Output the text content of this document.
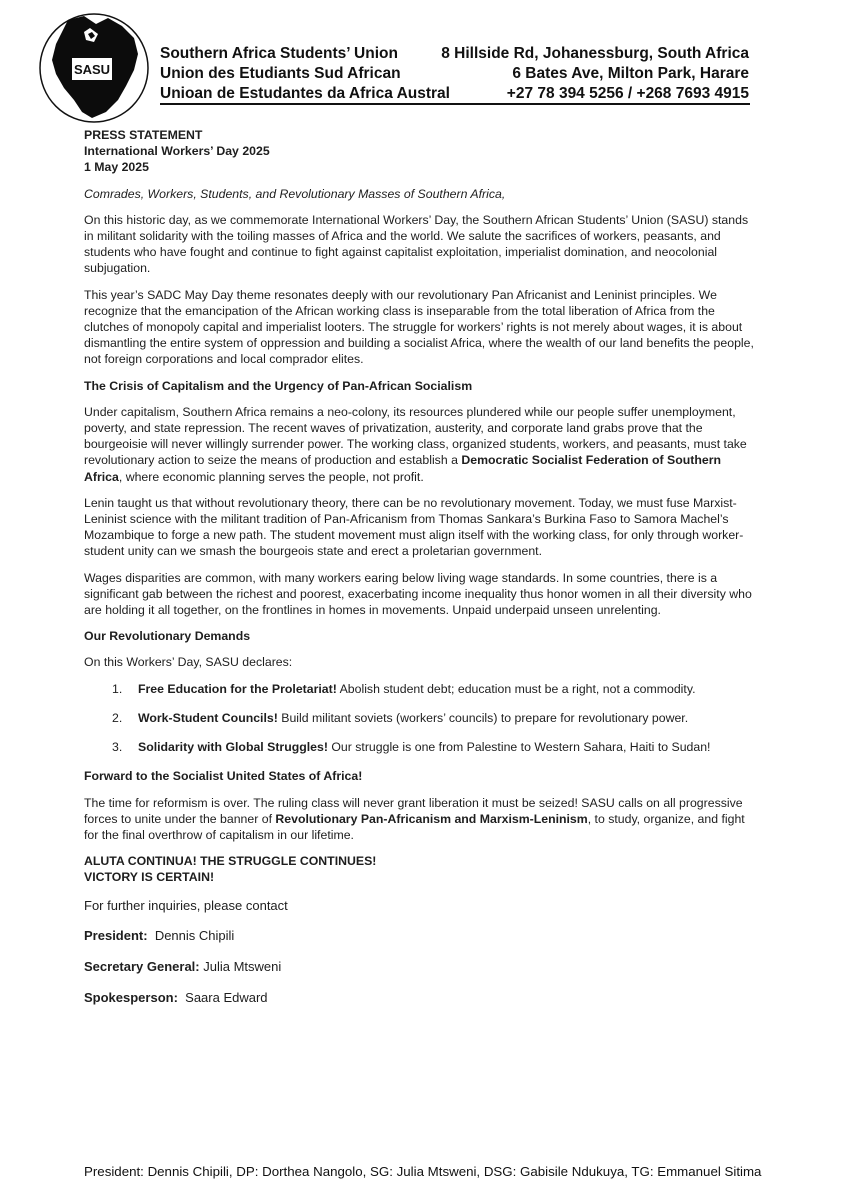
SASU
Southern Africa Students’ Union
Union des Etudiants Sud African
Unioan de Estudantes da Africa Austral
8 Hillside Rd, Johanessburg, South Africa
6 Bates Ave, Milton Park, Harare
+27 78 394 5256 / +268 7693 4915
PRESS STATEMENT
International Workers’ Day 2025
1 May 2025

Comrades, Workers, Students, and Revolutionary Masses of Southern Africa,

On this historic day, as we commemorate International Workers’ Day, the Southern African Students’ Union (SASU) stands in militant solidarity with the toiling masses of Africa and the world. We salute the sacrifices of workers, peasants, and students who have fought and continue to fight against capitalist exploitation, imperialist domination, and neocolonial subjugation.

This year’s SADC May Day theme resonates deeply with our revolutionary Pan Africanist and Leninist principles. We recognize that the emancipation of the African working class is inseparable from the total liberation of Africa from the clutches of monopoly capital and imperialist looters. The struggle for workers’ rights is not merely about wages, it is about dismantling the entire system of oppression and building a socialist Africa, where the wealth of our land benefits the people, not foreign corporations and local comprador elites.

The Crisis of Capitalism and the Urgency of Pan-African Socialism

Under capitalism, Southern Africa remains a neo-colony, its resources plundered while our people suffer unemployment, poverty, and state repression. The recent waves of privatization, austerity, and corporate land grabs prove that the bourgeoisie will never willingly surrender power. The working class, organized students, workers, and peasants, must take revolutionary action to seize the means of production and establish a Democratic Socialist Federation of Southern Africa, where economic planning serves the people, not profit.

Lenin taught us that without revolutionary theory, there can be no revolutionary movement. Today, we must fuse Marxist-Leninist science with the militant tradition of Pan-Africanism from Thomas Sankara’s Burkina Faso to Samora Machel’s Mozambique to forge a new path. The student movement must align itself with the working class, for only through worker-student unity can we smash the bourgeois state and erect a proletarian government.

Wages disparities are common, with many workers earing below living wage standards. In some countries, there is a significant gab between the richest and poorest, exacerbating income inequality thus honor women in all their diversity who are holding it all together, on the frontlines in homes in movements. Unpaid underpaid unseen unrelenting.

Our Revolutionary Demands

On this Workers’ Day, SASU declares:

1. Free Education for the Proletariat! Abolish student debt; education must be a right, not a commodity.
2. Work-Student Councils! Build militant soviets (workers’ councils) to prepare for revolutionary power.
3. Solidarity with Global Struggles! Our struggle is one from Palestine to Western Sahara, Haiti to Sudan!
Forward to the Socialist United States of Africa!

The time for reformism is over. The ruling class will never grant liberation it must be seized! SASU calls on all progressive forces to unite under the banner of Revolutionary Pan-Africanism and Marxism-Leninism, to study, organize, and fight for the final overthrow of capitalism in our lifetime.

ALUTA CONTINUA! THE STRUGGLE CONTINUES!
VICTORY IS CERTAIN!
For further inquiries, please contact
President: Dennis Chipili
Secretary General: Julia Mtsweni
Spokesperson: Saara Edward
President: Dennis Chipili, DP: Dorthea Nangolo, SG: Julia Mtsweni, DSG: Gabisile Ndukuya, TG: Emmanuel Sitima
